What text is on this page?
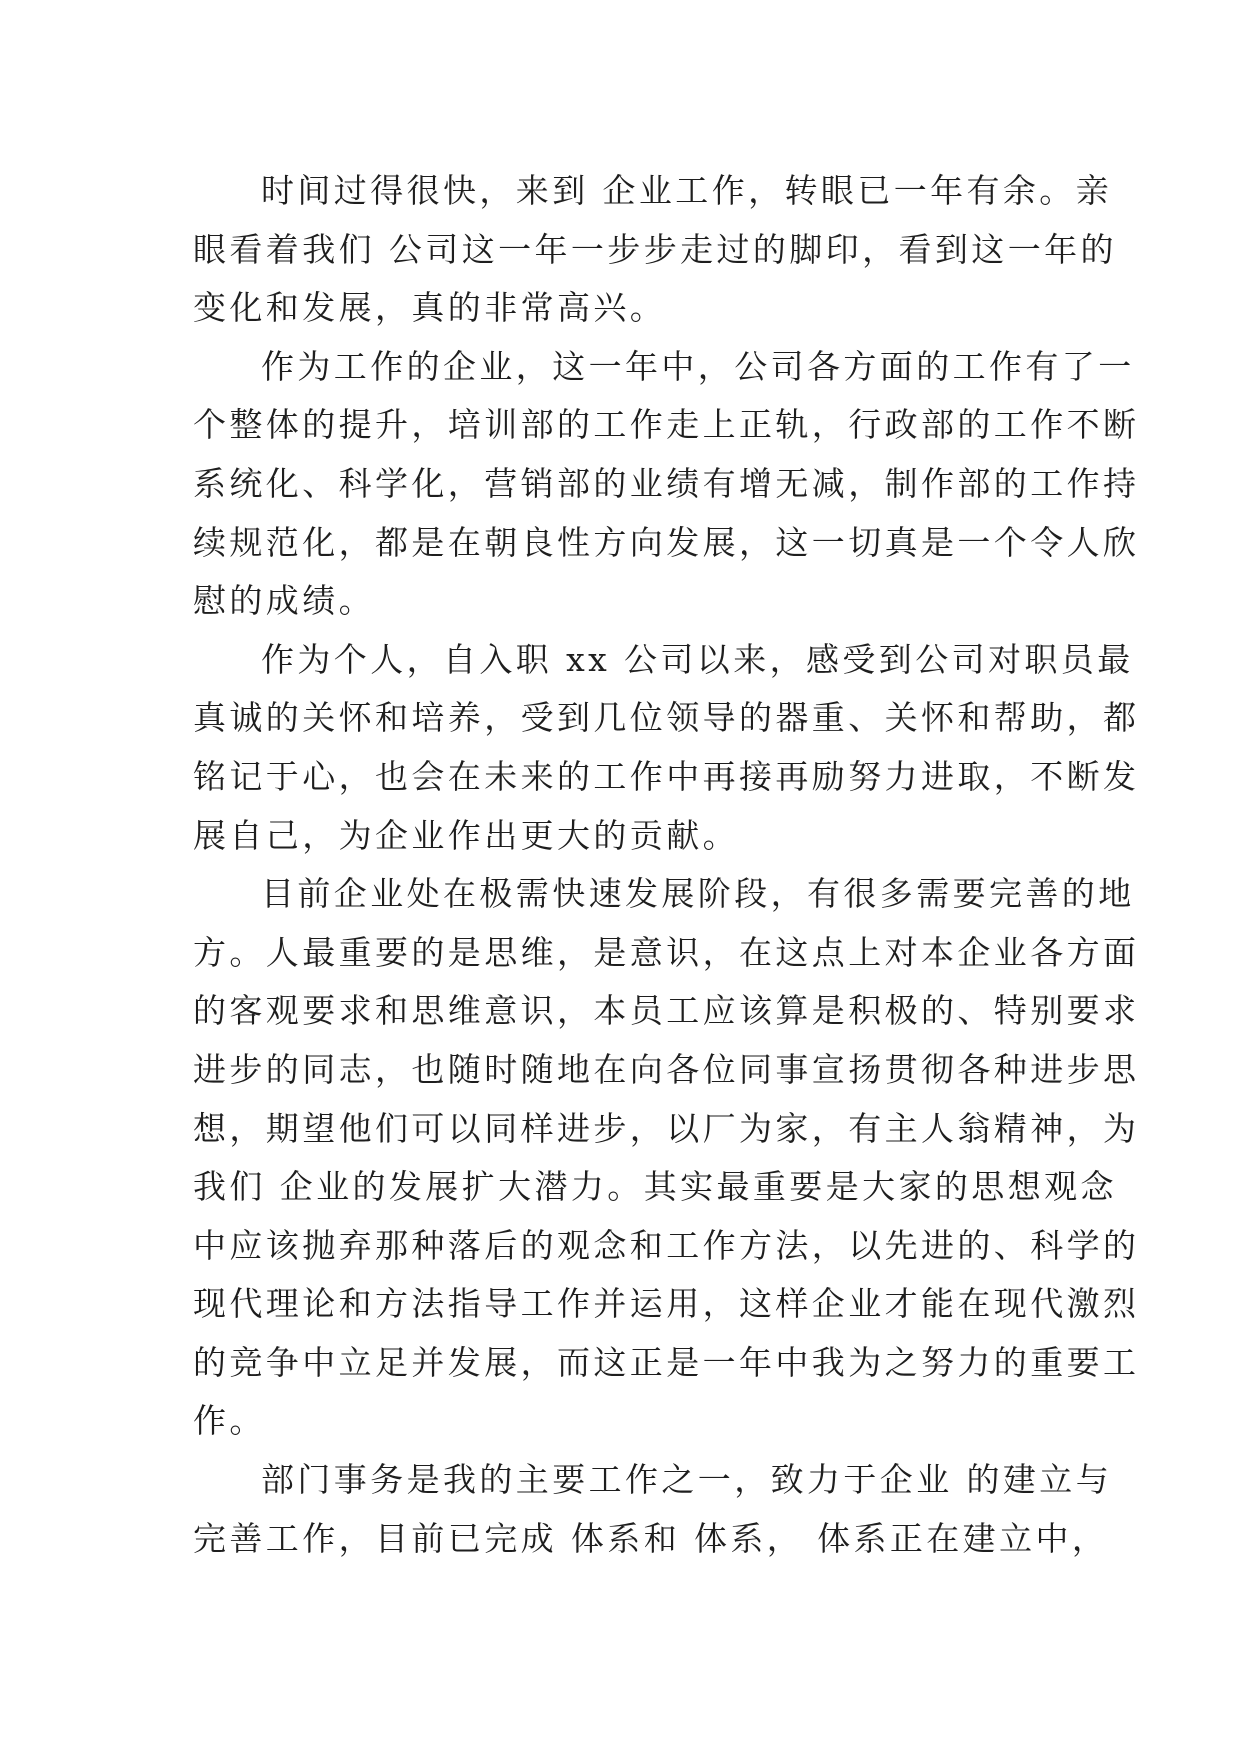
时间过得很快，来到 企业工作，转眼已一年有余。亲
眼看着我们 公司这一年一步步走过的脚印，看到这一年的
变化和发展，真的非常高兴。
作为工作的企业，这一年中，公司各方面的工作有了一
个整体的提升，培训部的工作走上正轨，行政部的工作不断
系统化、科学化，营销部的业绩有增无减，制作部的工作持
续规范化，都是在朝良性方向发展，这一切真是一个令人欣
慰的成绩。
作为个人，自入职 xx 公司以来，感受到公司对职员最
真诚的关怀和培养，受到几位领导的器重、关怀和帮助，都
铭记于心，也会在未来的工作中再接再励努力进取，不断发
展自己，为企业作出更大的贡献。
目前企业处在极需快速发展阶段，有很多需要完善的地
方。人最重要的是思维，是意识，在这点上对本企业各方面
的客观要求和思维意识，本员工应该算是积极的、特别要求
进步的同志，也随时随地在向各位同事宣扬贯彻各种进步思
想，期望他们可以同样进步，以厂为家，有主人翁精神，为
我们 企业的发展扩大潜力。其实最重要是大家的思想观念
中应该抛弃那种落后的观念和工作方法，以先进的、科学的
现代理论和方法指导工作并运用，这样企业才能在现代激烈
的竞争中立足并发展，而这正是一年中我为之努力的重要工
作。
部门事务是我的主要工作之一，致力于企业 的建立与
完善工作，目前已完成 体系和 体系， 体系正在建立中，
